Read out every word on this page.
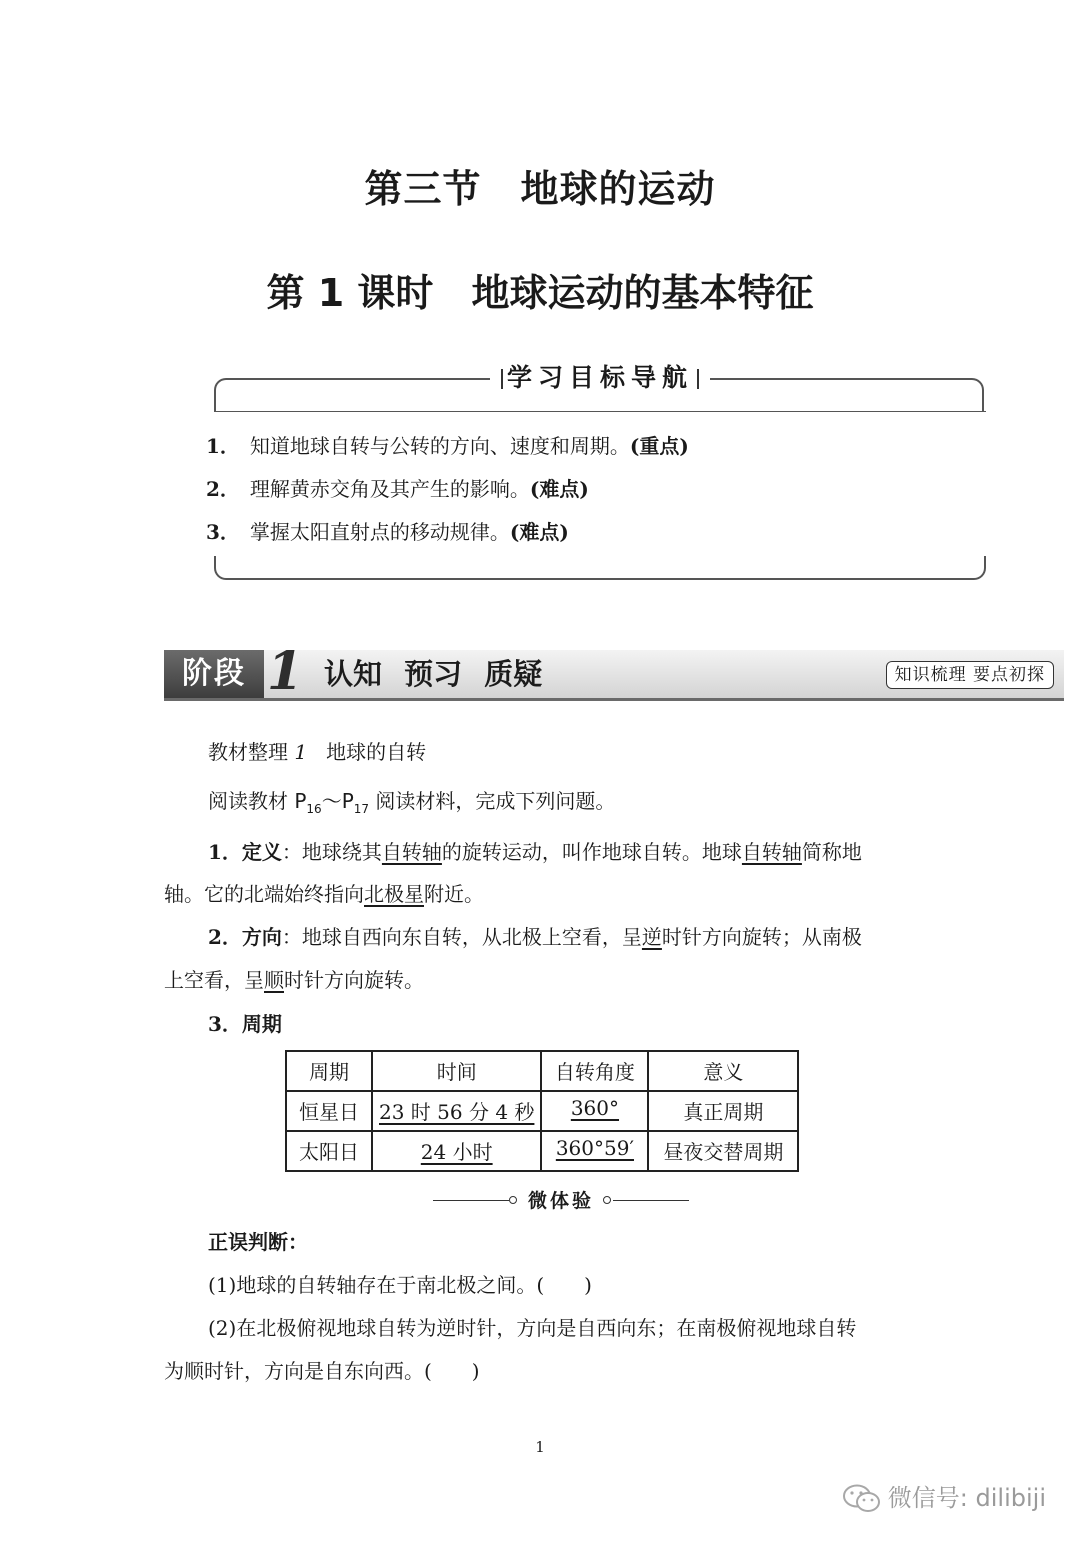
第三节　地球的运动
第 1 课时 地球运动的基本特征
学习目标导航
1． 知道地球自转与公转的方向、速度和周期。(重点)
2． 理解黄赤交角及其产生的影响。(难点)
3． 掌握太阳直射点的移动规律。(难点)
阶段 1 认知 预习 质疑	知识梳理 要点初探
教材整理 1 地球的自转
阅读教材 $P_{16}\sim P_{17}$ 阅读材料，完成下列问题。
1．定义：地球绕其自转轴的旋转运动，叫作地球自转。地球自转轴简称地
轴。它的北端始终指向北极星附近。
2．方向：地球自西向东自转，从北极上空看，呈逆时针方向旋转；从南极
上空看，呈顺时针方向旋转。
3．周期
周期	时间	自转角度	意义
恒星日	23 时 56 分 4 秒	360°	真正周期
太阳日	24 小时	360°59′	昼夜交替周期
微体验
正误判断：
(1)地球的自转轴存在于南北极之间。(　　)
(2)在北极俯视地球自转为逆时针，方向是自西向东；在南极俯视地球自转
为顺时针，方向是自东向西。(　　)
1
微信号: dilibiji
